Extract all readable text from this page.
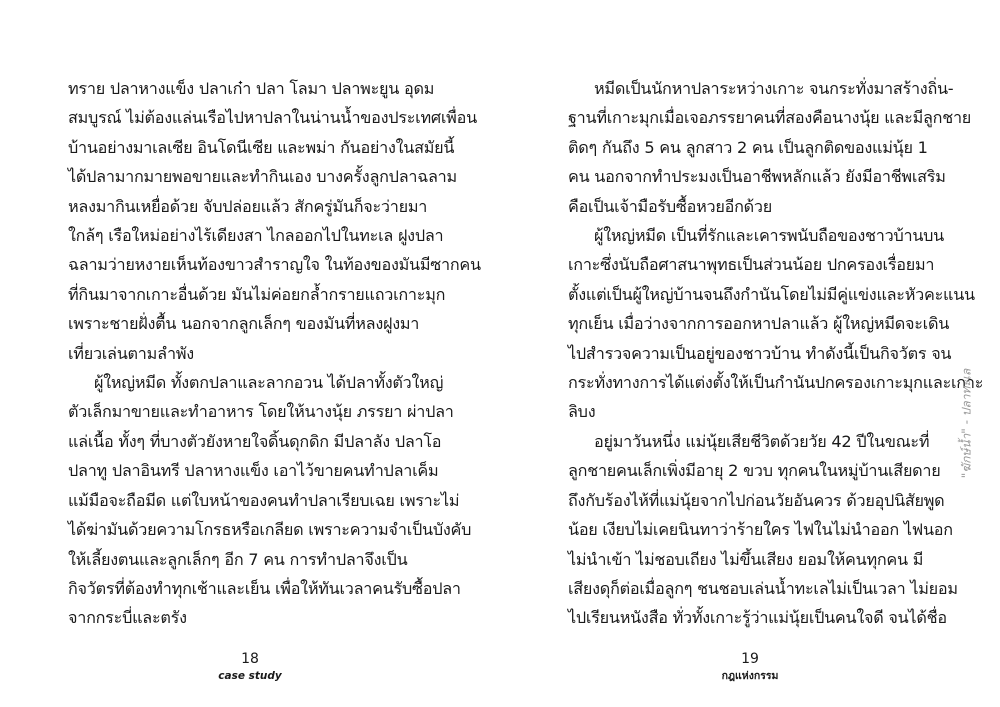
ทราย ปลาหางแข็ง ปลาเก๋า ปลา โลมา ปลาพะยูน อุดม
สมบูรณ์ ไม่ต้องแล่นเรือไปหาปลาในน่านน้ำของประเทศเพื่อน
บ้านอย่างมาเลเซีย อินโดนีเซีย และพม่า กันอย่างในสมัยนี้
ได้ปลามากมายพอขายและทำกินเอง บางครั้งลูกปลาฉลาม
หลงมากินเหยื่อด้วย จับปล่อยแล้ว สักครู่มันก็จะว่ายมา
ใกล้ๆ เรือใหม่อย่างไร้เดียงสา ไกลออกไปในทะเล ฝูงปลา
ฉลามว่ายหงายเห็นท้องขาวสำราญใจ ในท้องของมันมีซากคน
ที่กินมาจากเกาะอื่นด้วย มันไม่ค่อยกล้ำกรายแถวเกาะมุก
เพราะชายฝั่งตื้น นอกจากลูกเล็กๆ ของมันที่หลงฝูงมา
เที่ยวเล่นตามลำพัง
ผู้ใหญ่หมีด ทั้งตกปลาและลากอวน ได้ปลาทั้งตัวใหญ่
ตัวเล็กมาขายและทำอาหาร โดยให้นางนุ้ย ภรรยา ผ่าปลา
แล่เนื้อ ทั้งๆ ที่บางตัวยังหายใจดิ้นดุกดิก มีปลาลัง ปลาโอ
ปลาทู ปลาอินทรี ปลาหางแข็ง เอาไว้ขายคนทำปลาเค็ม
แม้มือจะถือมีด แต่ใบหน้าของคนทำปลาเรียบเฉย เพราะไม่
ได้ฆ่ามันด้วยความโกรธหรือเกลียด เพราะความจำเป็นบังคับ
ให้เลี้ยงตนและลูกเล็กๆ อีก 7 คน การทำปลาจึงเป็น
กิจวัตรที่ต้องทำทุกเช้าและเย็น เพื่อให้ทันเวลาคนรับซื้อปลา
จากกระบี่และตรัง
18
case study
หมีดเป็นนักหาปลาระหว่างเกาะ จนกระทั่งมาสร้างถิ่น-
ฐานที่เกาะมุกเมื่อเจอภรรยาคนที่สองคือนางนุ้ย และมีลูกชาย
ติดๆ กันถึง 5 คน ลูกสาว 2 คน เป็นลูกติดของแม่นุ้ย 1
คน นอกจากทำประมงเป็นอาชีพหลักแล้ว ยังมีอาชีพเสริม
คือเป็นเจ้ามือรับซื้อหวยอีกด้วย
ผู้ใหญ่หมีด เป็นที่รักและเคารพนับถือของชาวบ้านบน
เกาะซึ่งนับถือศาสนาพุทธเป็นส่วนน้อย ปกครองเรื่อยมา
ตั้งแต่เป็นผู้ใหญ่บ้านจนถึงกำนันโดยไม่มีคู่แข่งและหัวคะแนน
ทุกเย็น เมื่อว่างจากการออกหาปลาแล้ว ผู้ใหญ่หมีดจะเดิน
ไปสำรวจความเป็นอยู่ของชาวบ้าน ทำดังนี้เป็นกิจวัตร จน
กระทั่งทางการได้แต่งตั้งให้เป็นกำนันปกครองเกาะมุกและเกาะ
ลิบง
อยู่มาวันหนึ่ง แม่นุ้ยเสียชีวิตด้วยวัย 42 ปีในขณะที่
ลูกชายคนเล็กเพิ่งมีอายุ 2 ขวบ ทุกคนในหมู่บ้านเสียดาย
ถึงกับร้องไห้ที่แม่นุ้ยจากไปก่อนวัยอันควร ด้วยอุปนิสัยพูด
น้อย เงียบไม่เคยนินทาว่าร้ายใคร ไฟในไม่นำออก ไฟนอก
ไม่นำเข้า ไม่ชอบเถียง ไม่ขึ้นเสียง ยอมให้คนทุกคน มี
เสียงดุก็ต่อเมื่อลูกๆ ชนชอบเล่นน้ำทะเลไม่เป็นเวลา ไม่ยอม
ไปเรียนหนังสือ ทั่วทั้งเกาะรู้ว่าแม่นุ้ยเป็นคนใจดี จนได้ชื่อ
19
กฎแห่งกรรม
"ฆักษ์น้ำ" - ปลาทะเล
